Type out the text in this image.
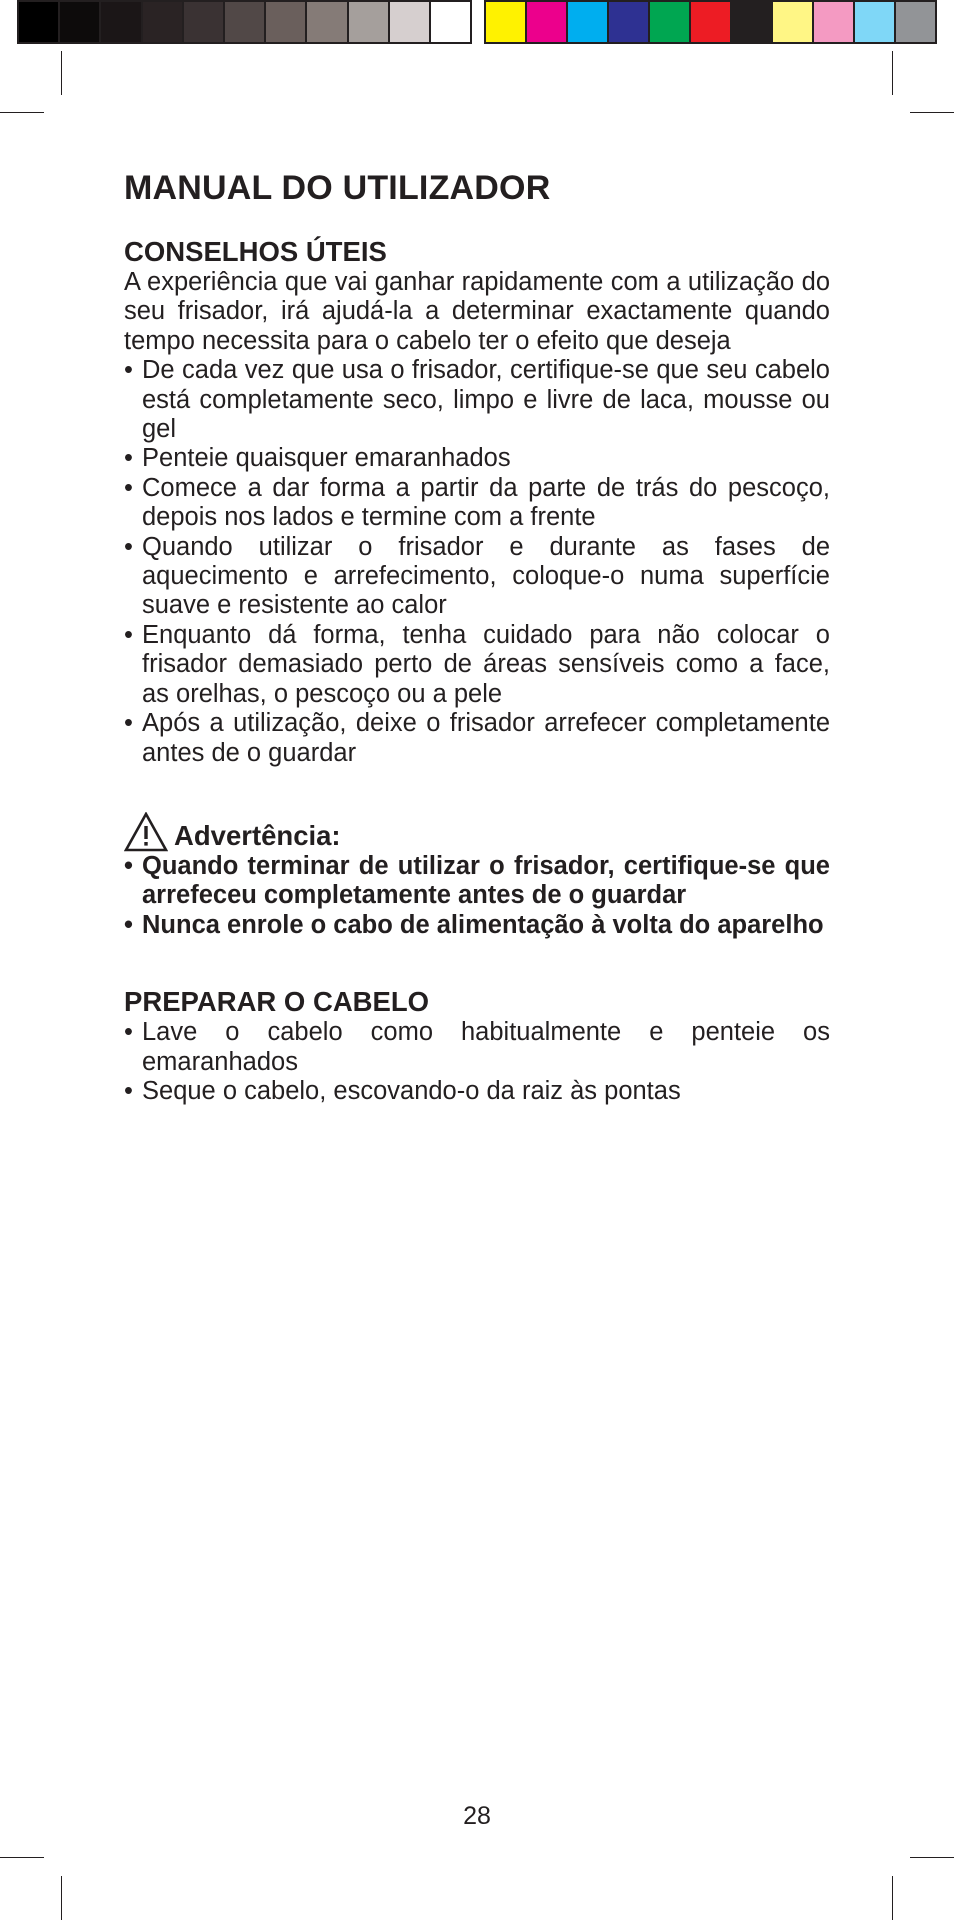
MANUAL DO UTILIZADOR
CONSELHOS ÚTEIS

A experiência que vai ganhar rapidamente com a utilização do seu frisador, irá ajudá-la a determinar exactamente quando tempo necessita para o cabelo ter o efeito que deseja

• De cada vez que usa o frisador, certifique-se que seu cabelo está completamente seco, limpo e livre de laca, mousse ou gel
• Penteie quaisquer emaranhados
• Comece a dar forma a partir da parte de trás do pescoço, depois nos lados e termine com a frente
• Quando utilizar o frisador e durante as fases de aquecimento e arrefecimento, coloque-o numa superfície suave e resistente ao calor
• Enquanto dá forma, tenha cuidado para não colocar o frisador demasiado perto de áreas sensíveis como a face, as orelhas, o pescoço ou a pele
• Após a utilização, deixe o frisador arrefecer completamente antes de o guardar
Advertência:
• Quando terminar de utilizar o frisador, certifique-se que arrefeceu completamente antes de o guardar
• Nunca enrole o cabo de alimentação à volta do aparelho
PREPARAR O CABELO
• Lave o cabelo como habitualmente e penteie os emaranhados
• Seque o cabelo, escovando-o da raiz às pontas
28
